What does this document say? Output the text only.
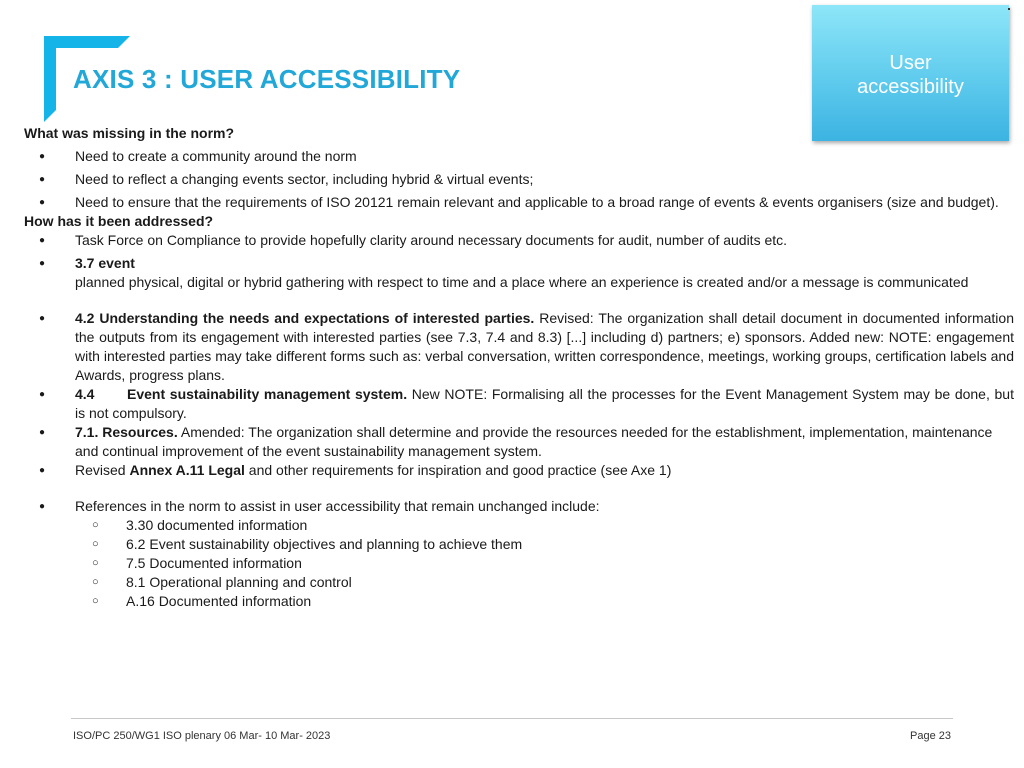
AXIS 3 : USER ACCESSIBILITY
User
accessibility

What was missing in the norm?

● Need to create a community around the norm
● Need to reflect a changing events sector, including hybrid & virtual events;
● Need to ensure that the requirements of ISO 20121 remain relevant and applicable to a broad range of events & events organisers (size and budget).

How has it been addressed?

● Task Force on Compliance to provide hopefully clarity around necessary documents for audit, number of audits etc.
● 3.7 event
planned physical, digital or hybrid gathering with respect to time and a place where an experience is created and/or a message is communicated
● 4.2 Understanding the needs and expectations of interested parties. Revised: The organization shall detail document in documented information the outputs from its engagement with interested parties (see 7.3, 7.4 and 8.3) [...] including d) partners; e) sponsors. Added new: NOTE: engagement with interested parties may take different forms such as: verbal conversation, written correspondence, meetings, working groups, certification labels and Awards, progress plans.
● 4.4 Event sustainability management system. New NOTE: Formalising all the processes for the Event Management System may be done, but is not compulsory.
● 7.1. Resources. Amended: The organization shall determine and provide the resources needed for the establishment, implementation, maintenance and continual improvement of the event sustainability management system.
● Revised Annex A.11 Legal and other requirements for inspiration and good practice (see Axe 1)
● References in the norm to assist in user accessibility that remain unchanged include:
○ 3.30 documented information
○ 6.2 Event sustainability objectives and planning to achieve them
○ 7.5 Documented information
○ 8.1 Operational planning and control
○ A.16 Documented information
ISO/PC 250/WG1 ISO plenary 06 Mar- 10 Mar- 2023	Page 23
